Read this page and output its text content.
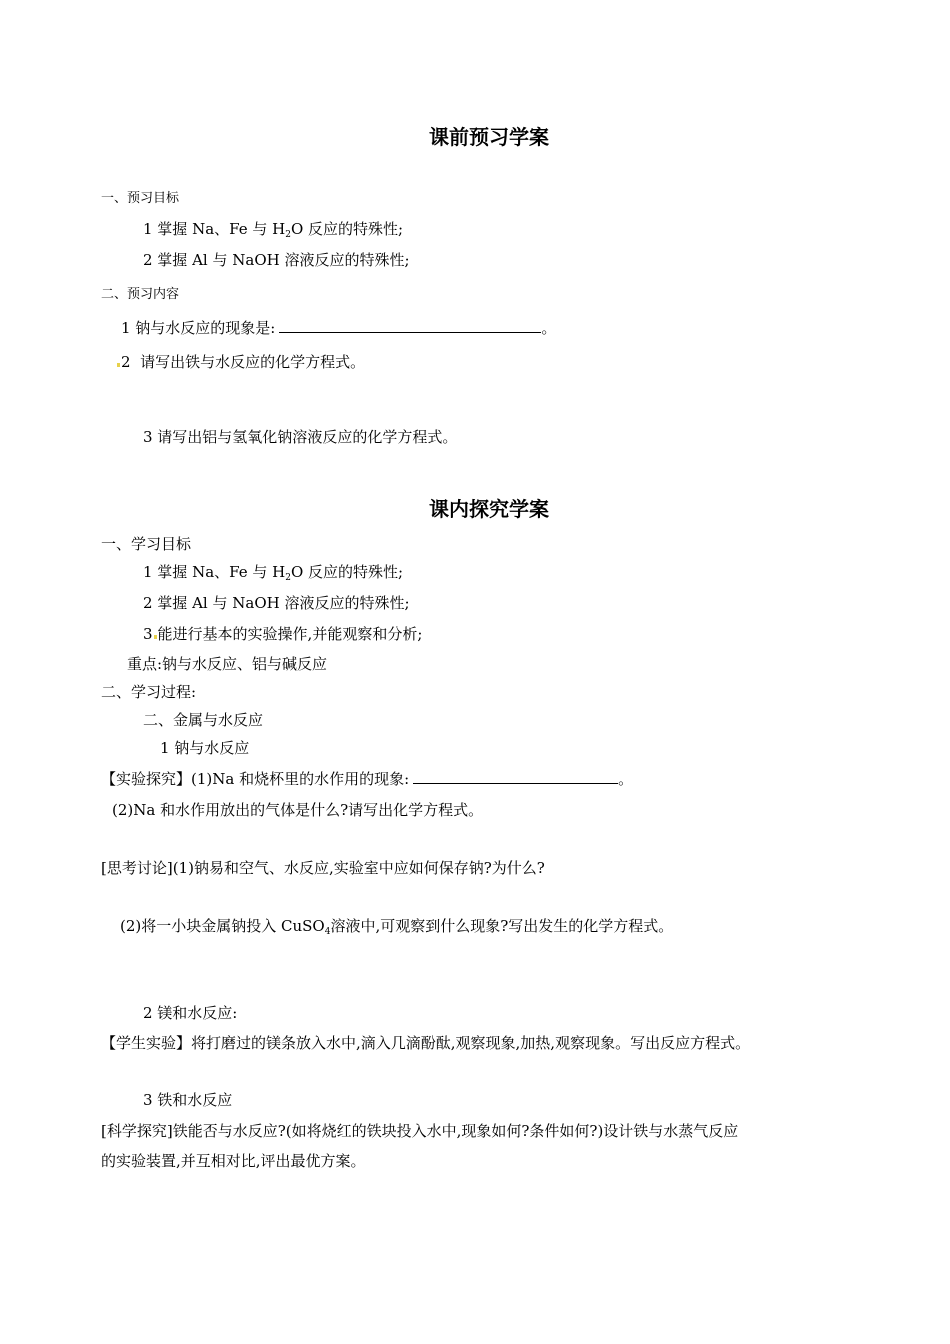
课前预习学案
一、预习目标
1 掌握 Na、Fe 与 $H_2O$ 反应的特殊性;
2 掌握 Al 与 NaOH 溶液反应的特殊性;
二、预习内容
1 钠与水反应的现象是:	。
2 请写出铁与水反应的化学方程式。
3 请写出铝与氢氧化钠溶液反应的化学方程式。
课内探究学案
一、学习目标
1 掌握 Na、Fe 与 $H_2O$ 反应的特殊性;
2 掌握 Al 与 NaOH 溶液反应的特殊性;
3 能进行基本的实验操作,并能观察和分析;
重点:钠与水反应、铝与碱反应
二、学习过程:
二、金属与水反应
1 钠与水反应
【实验探究】(1)Na 和烧杯里的水作用的现象:	。
(2)Na 和水作用放出的气体是什么?请写出化学方程式。
[思考讨论](1)钠易和空气、水反应,实验室中应如何保存钠?为什么?
(2)将一小块金属钠投入 CuSO$_4$溶液中,可观察到什么现象?写出发生的化学方程式。
2 镁和水反应:
【学生实验】将打磨过的镁条放入水中,滴入几滴酚酞,观察现象,加热,观察现象。写出反应方程式。
3 铁和水反应
[科学探究]铁能否与水反应?(如将烧红的铁块投入水中,现象如何?条件如何?)设计铁与水蒸气反应
的实验装置,并互相对比,评出最优方案。
